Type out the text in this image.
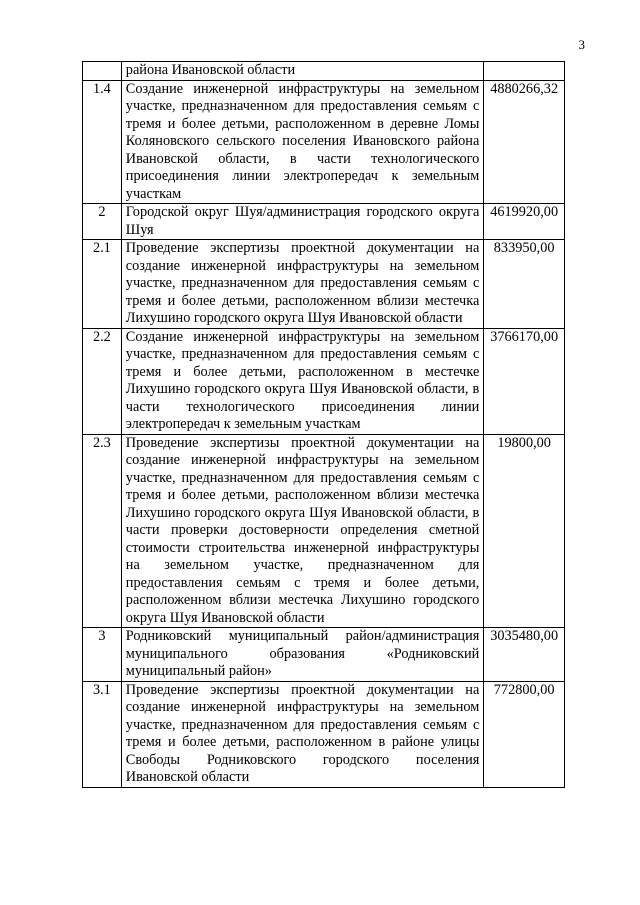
3
	района Ивановской области	
1.4	Создание инженерной инфраструктуры на земельном участке, предназначенном для предоставления семьям с тремя и более детьми, расположенном в деревне Ломы Коляновского сельского поселения Ивановского района Ивановской области, в части технологического присоединения линии электропередач к земельным участкам	4880266,32
2	Городской округ Шуя/администрация городского округа Шуя	4619920,00
2.1	Проведение экспертизы проектной документации на создание инженерной инфраструктуры на земельном участке, предназначенном для предоставления семьям с тремя и более детьми, расположенном вблизи местечка Лихушино городского округа Шуя Ивановской области	833950,00
2.2	Создание инженерной инфраструктуры на земельном участке, предназначенном для предоставления семьям с тремя и более детьми, расположенном в местечке Лихушино городского округа Шуя Ивановской области, в части технологического присоединения линии электропередач к земельным участкам	3766170,00
2.3	Проведение экспертизы проектной документации на создание инженерной инфраструктуры на земельном участке, предназначенном для предоставления семьям с тремя и более детьми, расположенном вблизи местечка Лихушино городского округа Шуя Ивановской области, в части проверки достоверности определения сметной стоимости строительства инженерной инфраструктуры на земельном участке, предназначенном для предоставления семьям с тремя и более детьми, расположенном вблизи местечка Лихушино городского округа Шуя Ивановской области	19800,00
3	Родниковский муниципальный район/администрация муниципального образования «Родниковский муниципальный район»	3035480,00
3.1	Проведение экспертизы проектной документации на создание инженерной инфраструктуры на земельном участке, предназначенном для предоставления семьям с тремя и более детьми, расположенном в районе улицы Свободы Родниковского городского поселения Ивановской области	772800,00
